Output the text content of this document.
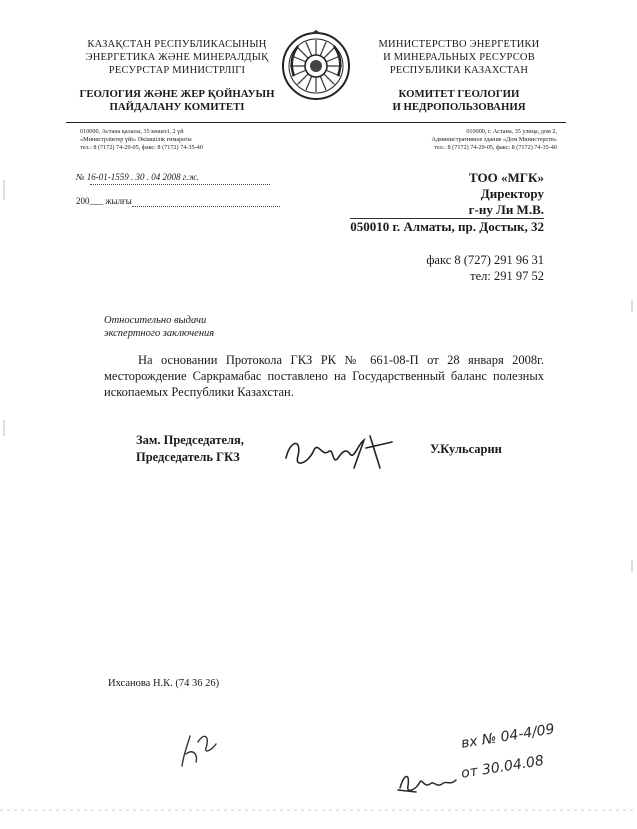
КАЗАҚСТАН РЕСПУБЛИКАСЫНЫҢ
ЭНЕРГЕТИКА ЖӘНЕ МИНЕРАЛДЫҚ
РЕСУРСТАР МИНИСТРЛІГІ
ГЕОЛОГИЯ ЖӘНЕ ЖЕР ҚОЙНАУЫН
ПАЙДАЛАНУ КОМИТЕТІ
МИНИСТЕРСТВО ЭНЕРГЕТИКИ
И МИНЕРАЛЬНЫХ РЕСУРСОВ
РЕСПУБЛИКИ КАЗАХСТАН
КОМИТЕТ ГЕОЛОГИИ
И НЕДРОПОЛЬЗОВАНИЯ
010000, Астана қаласы, 35 көшесі, 2 үй
«Министрліктер үйі» Әкімшілік ғимараты
тел.: 8 (7172) 74-29-05, факс: 8 (7172) 74-35-40
010000, г. Астана, 35 улица, дом 2,
Административное здание «Дом Министерств»
тел.: 8 (7172) 74-29-05, факс: 8 (7172) 74-35-40
№ 16-01-1559 . 30 . 04 2008 г.ж.
200___ жылғы
ТОО «МГК»
Директору
г-ну Ли М.В.
050010 г. Алматы, пр. Достык, 32
факс 8 (727) 291 96 31
тел: 291 97 52
Относительно выдачи
экспертного заключения
На основании Протокола ГКЗ РК № 661-08-П от 28 января 2008г. месторождение Саркрамабас поставлено на Государственный баланс полезных ископаемых Республики Казахстан.
Зам. Председателя,
Председатель ГКЗ
У.Кульсарин
Ихсанова Н.К. (74 36 26)
вх № 04-4/09
от 30.04.08
